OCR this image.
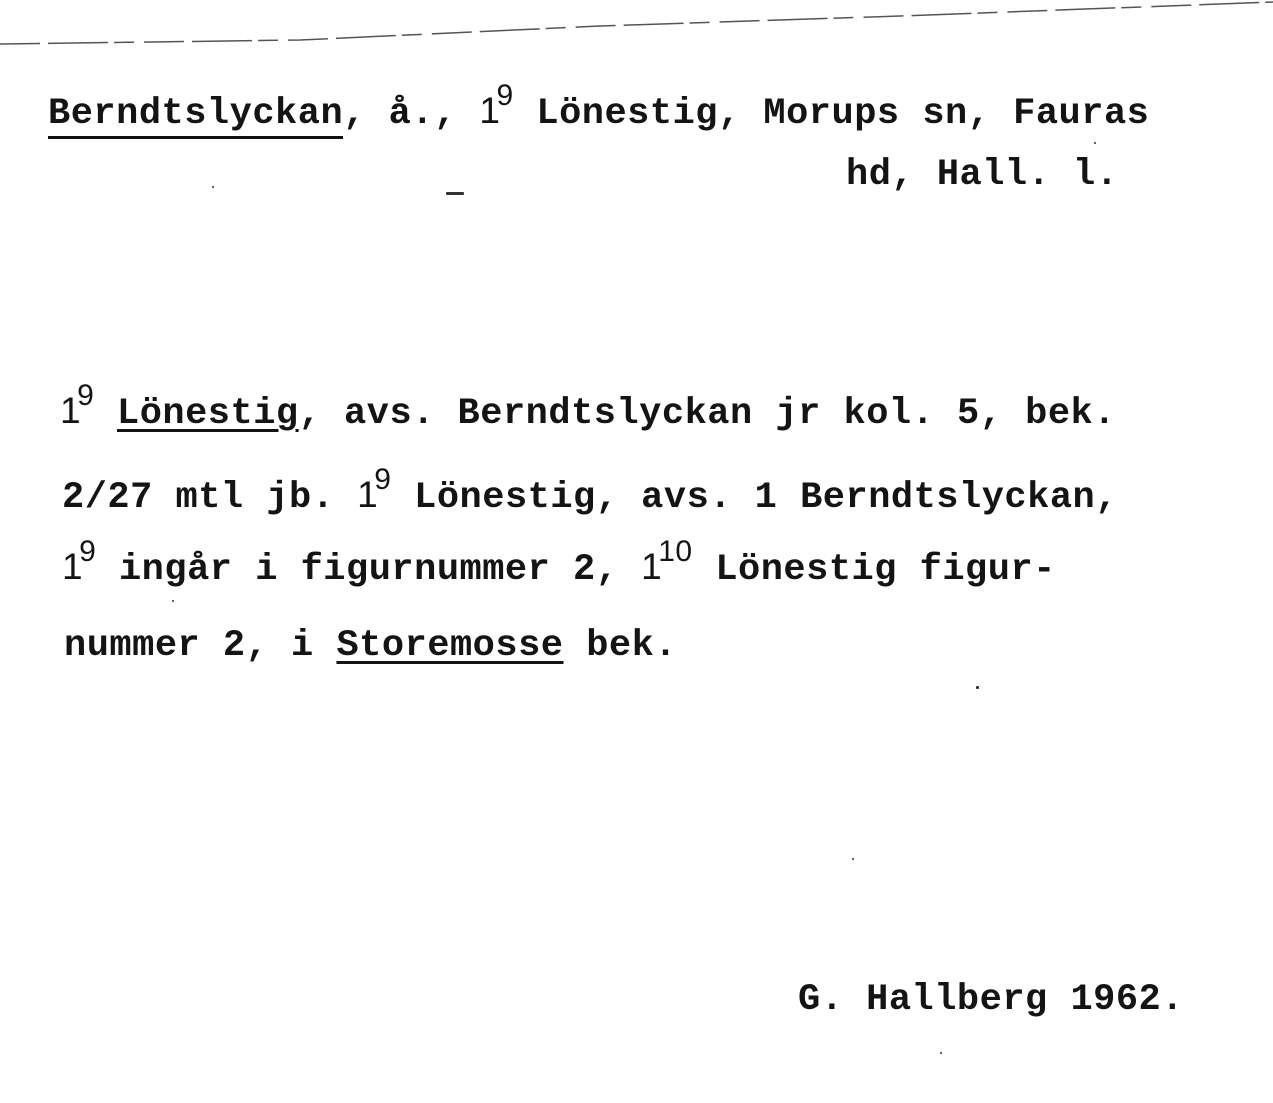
Berndtslyckan, å., $1^9$ Lönestig, Morups sn, Fauras
hd, Hall. l.
$1^9$ Lönestig, avs. Berndtslyckan jr kol. 5, bek.
2/27 mtl jb. $1^9$ Lönestig, avs. 1 Berndtslyckan,
$1^9$ ingår i figurnummer 2, $1^{10}$ Lönestig figur-
nummer 2, i Storemosse bek.
G. Hallberg 1962.
